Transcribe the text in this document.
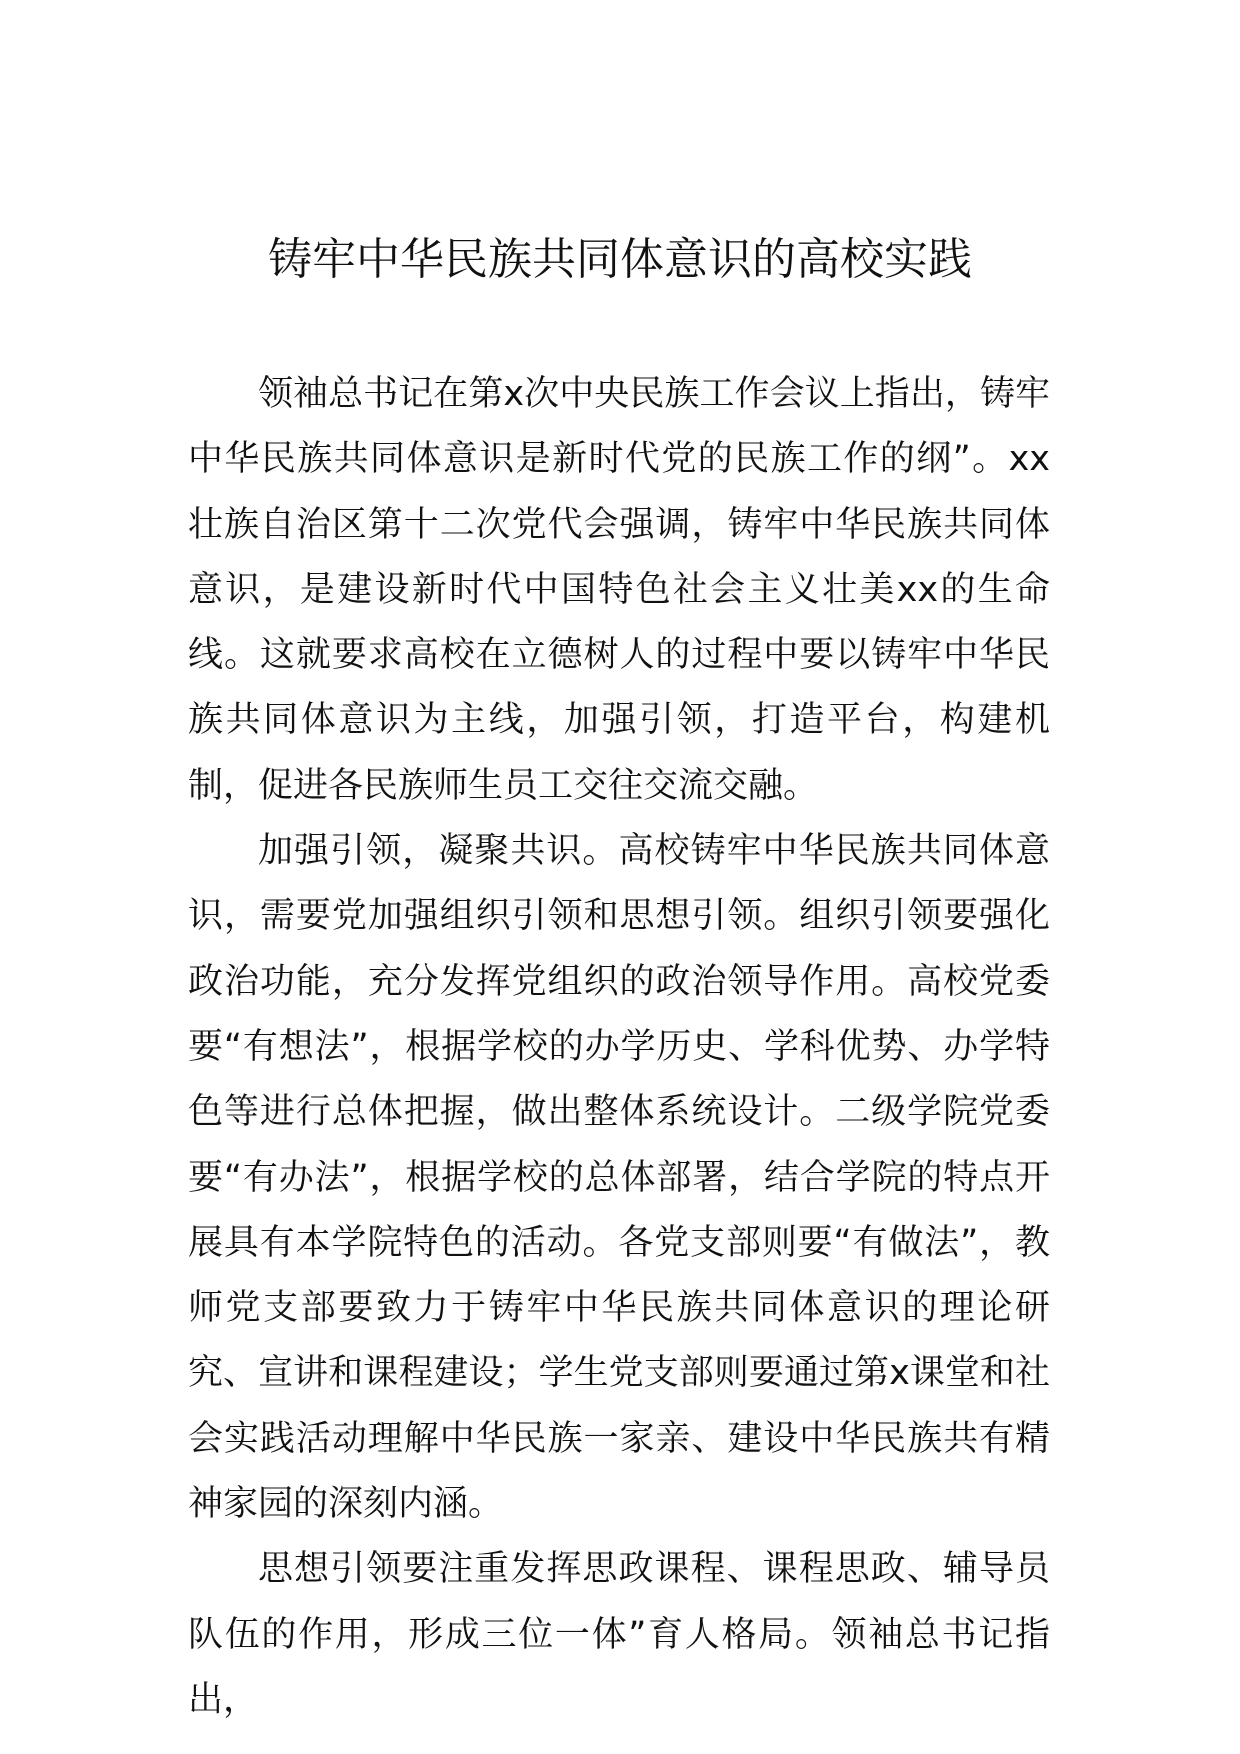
铸牢中华民族共同体意识的高校实践

领袖总书记在第x次中央民族工作会议上指出，铸牢中华民族共同体意识是新时代党的民族工作的纲”。xx壮族自治区第十二次党代会强调，铸牢中华民族共同体意识，是建设新时代中国特色社会主义壮美xx的生命线。这就要求高校在立德树人的过程中要以铸牢中华民族共同体意识为主线，加强引领，打造平台，构建机制，促进各民族师生员工交往交流交融。

加强引领，凝聚共识。高校铸牢中华民族共同体意识，需要党加强组织引领和思想引领。组织引领要强化政治功能，充分发挥党组织的政治领导作用。高校党委要“有想法”，根据学校的办学历史、学科优势、办学特色等进行总体把握，做出整体系统设计。二级学院党委要“有办法”，根据学校的总体部署，结合学院的特点开展具有本学院特色的活动。各党支部则要“有做法”，教师党支部要致力于铸牢中华民族共同体意识的理论研究、宣讲和课程建设；学生党支部则要通过第x课堂和社会实践活动理解中华民族一家亲、建设中华民族共有精神家园的深刻内涵。

思想引领要注重发挥思政课程、课程思政、辅导员队伍的作用，形成三位一体”育人格局。领袖总书记指出，
